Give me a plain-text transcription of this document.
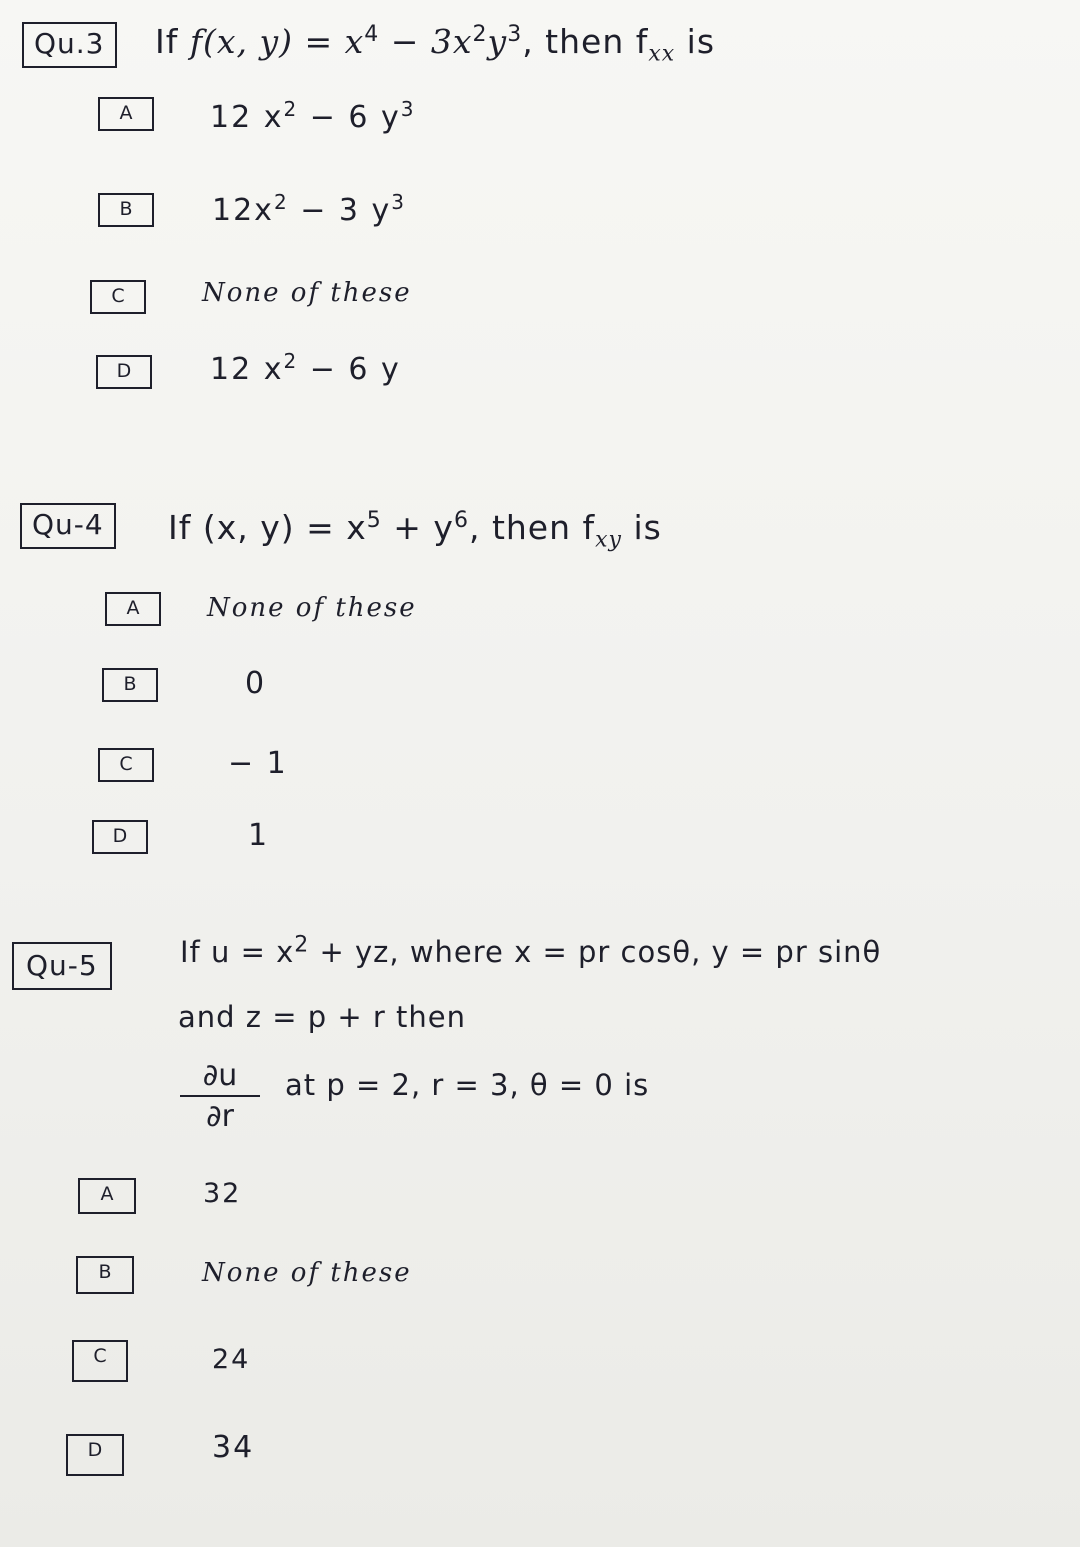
Qu.3	If f(x, $y) = x^4 - 3x^2y^3$, then $f_{xx}$ is
A	12 $x^2 - 6$ $y^3$
B	$12x^2 - 3$ $y^3$
C	None of these
D	12 $x^2 - 6$ y
Qu-4	If (x, $y) = x^5 + y^6$, then $f_{xy}$ is
A	None of these
B	0
C	− 1
D	1
Qu-5	If $u = x^2$ + yz, where x = pr cosθ, y = pr sinθ
and z = p + r then
$\frac{\partial u}{\partial r}$ at p = 2, r = 3, θ = 0 is
A	32
B	None of these
C	24
D	34
